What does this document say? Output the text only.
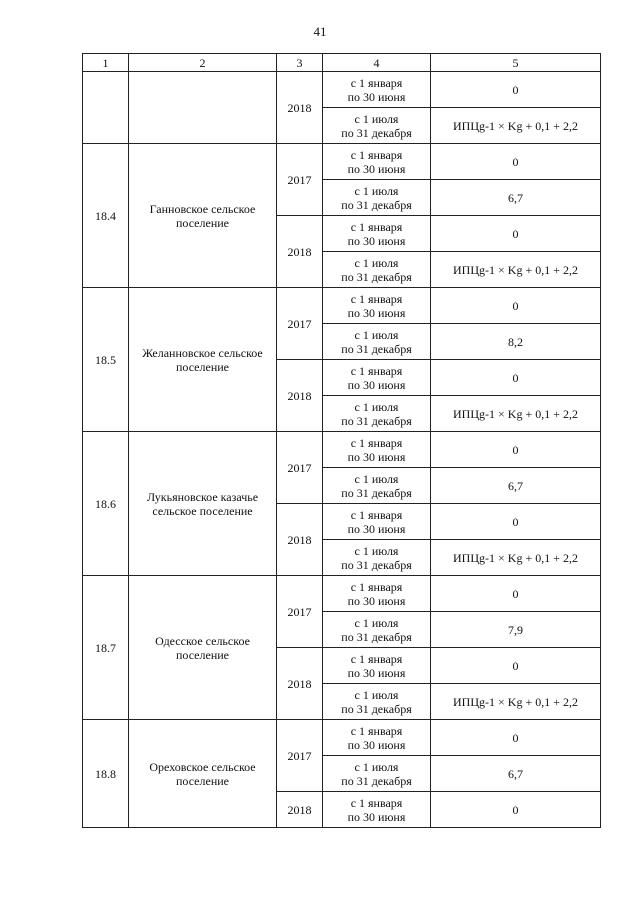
41
1	2	3	4	5
		2018	с 1 января
по 30 июня	0

			с 1 июля
по 31 декабря	ИПЦg-1 × Kg + 0,1 + 2,2
18.4	Ганновское сельское поселение	2017	с 1 января
по 30 июня	0

			с 1 июля
по 31 декабря	6,7
		2018	с 1 января
по 30 июня	0

			с 1 июля
по 31 декабря	ИПЦg-1 × Kg + 0,1 + 2,2
18.5	Желанновское сельское поселение	2017	с 1 января
по 30 июня	0

			с 1 июля
по 31 декабря	8,2
		2018	с 1 января
по 30 июня	0

			с 1 июля
по 31 декабря	ИПЦg-1 × Kg + 0,1 + 2,2
18.6	Лукьяновское казачье сельское поселение	2017	с 1 января
по 30 июня	0

			с 1 июля
по 31 декабря	6,7
		2018	с 1 января
по 30 июня	0

			с 1 июля
по 31 декабря	ИПЦg-1 × Kg + 0,1 + 2,2
18.7	Одесское сельское поселение	2017	с 1 января
по 30 июня	0

			с 1 июля
по 31 декабря	7,9
		2018	с 1 января
по 30 июня	0

			с 1 июля
по 31 декабря	ИПЦg-1 × Kg + 0,1 + 2,2
18.8	Ореховское сельское поселение	2017	с 1 января
по 30 июня	0

			с 1 июля
по 31 декабря	6,7
		2018	с 1 января
по 30 июня	0
